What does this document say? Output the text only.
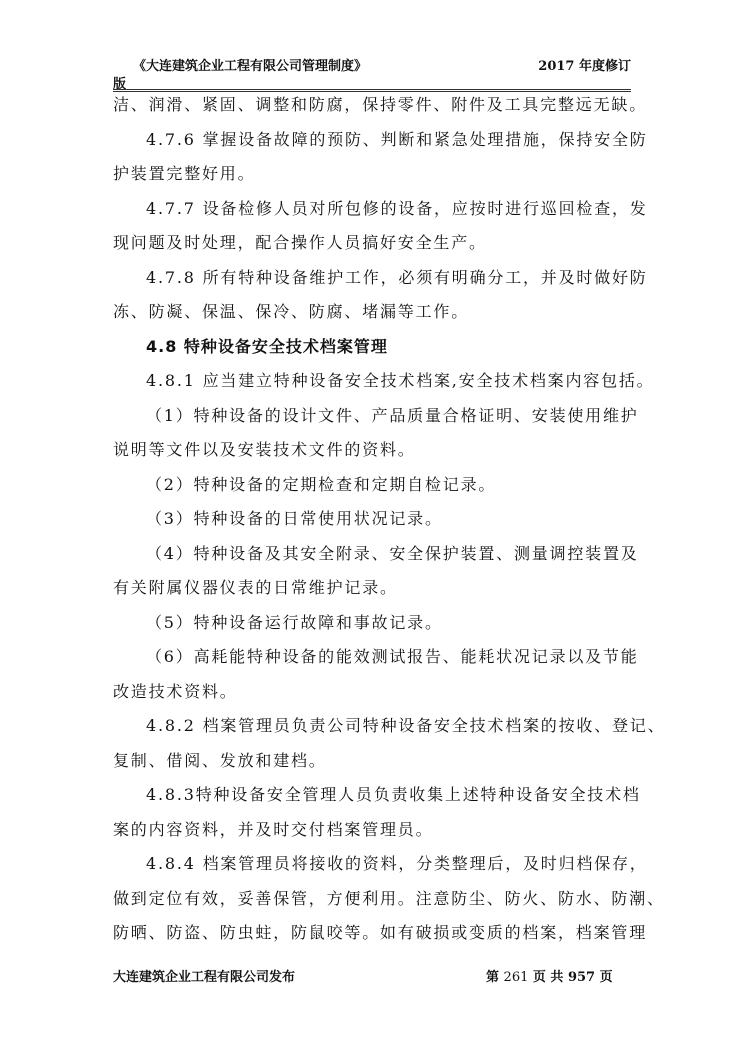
《大连建筑企业工程有限公司管理制度》	2017 年度修订
版
洁、润滑、紧固、调整和防腐，保持零件、附件及工具完整远无缺。
4.7.6 掌握设备故障的预防、判断和紧急处理措施，保持安全防
护装置完整好用。
4.7.7 设备检修人员对所包修的设备，应按时进行巡回检查，发
现问题及时处理，配合操作人员搞好安全生产。
4.7.8 所有特种设备维护工作，必须有明确分工，并及时做好防
冻、防凝、保温、保冷、防腐、堵漏等工作。
4.8 特种设备安全技术档案管理
4.8.1 应当建立特种设备安全技术档案,安全技术档案内容包括。
（1）特种设备的设计文件、产品质量合格证明、安装使用维护
说明等文件以及安装技术文件的资料。
（2）特种设备的定期检查和定期自检记录。
（3）特种设备的日常使用状况记录。
（4）特种设备及其安全附录、安全保护装置、测量调控装置及
有关附属仪器仪表的日常维护记录。
（5）特种设备运行故障和事故记录。
（6）高耗能特种设备的能效测试报告、能耗状况记录以及节能
改造技术资料。
4.8.2 档案管理员负责公司特种设备安全技术档案的按收、登记、
复制、借阅、发放和建档。
4.8.3特种设备安全管理人员负责收集上述特种设备安全技术档
案的内容资料，并及时交付档案管理员。
4.8.4 档案管理员将接收的资料，分类整理后，及时归档保存，
做到定位有效，妥善保管，方便利用。注意防尘、防火、防水、防潮、
防晒、防盗、防虫蛀，防鼠咬等。如有破损或变质的档案，档案管理
大连建筑企业工程有限公司发布	第 261 页 共 957 页
